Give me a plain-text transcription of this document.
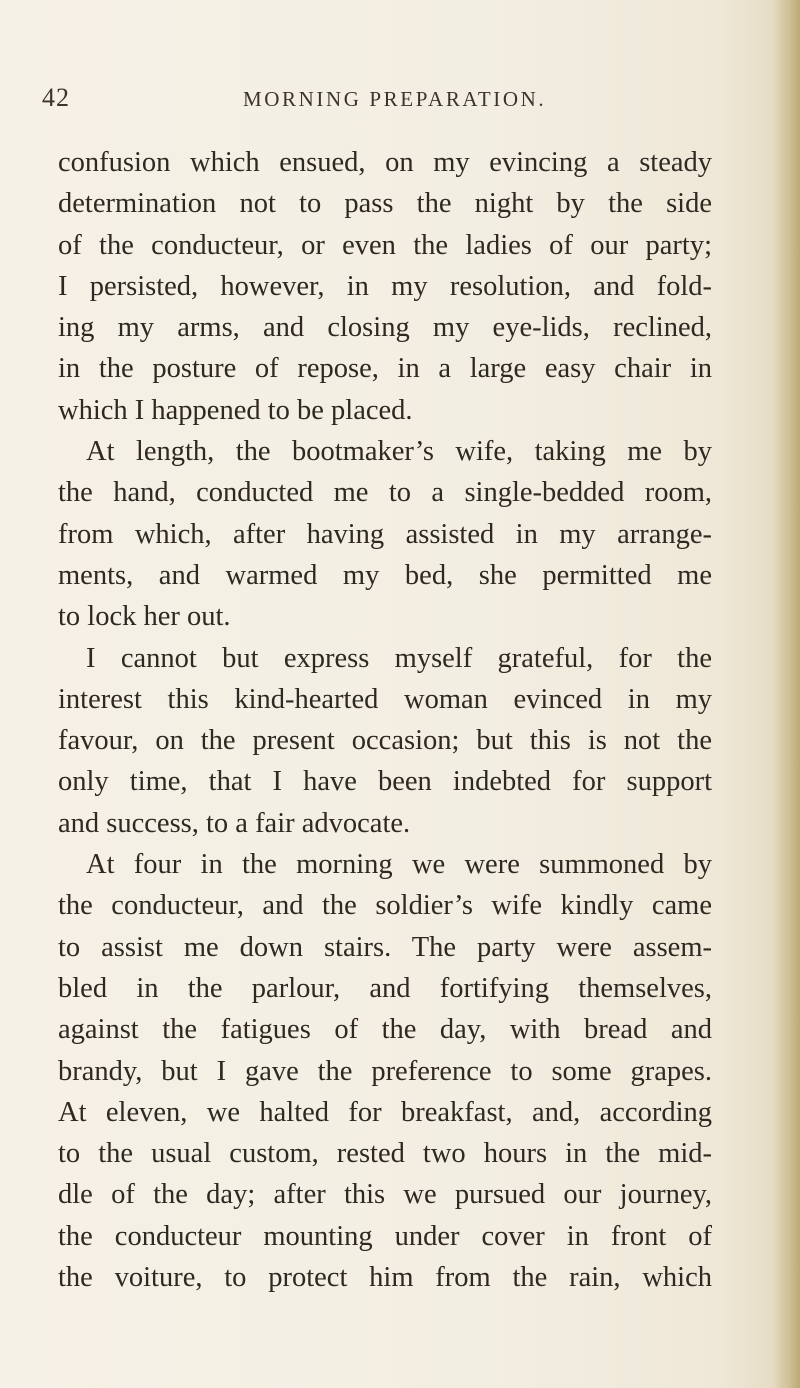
42	MORNING PREPARATION.
confusion which ensued, on my evincing a steady
determination not to pass the night by the side
of the conducteur, or even the ladies of our party;
I persisted, however, in my resolution, and fold-
ing my arms, and closing my eye-lids, reclined,
in the posture of repose, in a large easy chair in
which I happened to be placed.
At length, the bootmaker’s wife, taking me by
the hand, conducted me to a single-bedded room,
from which, after having assisted in my arrange-
ments, and warmed my bed, she permitted me
to lock her out.
I cannot but express myself grateful, for the
interest this kind-hearted woman evinced in my
favour, on the present occasion; but this is not the
only time, that I have been indebted for support
and success, to a fair advocate.
At four in the morning we were summoned by
the conducteur, and the soldier’s wife kindly came
to assist me down stairs. The party were assem-
bled in the parlour, and fortifying themselves,
against the fatigues of the day, with bread and
brandy, but I gave the preference to some grapes.
At eleven, we halted for breakfast, and, according
to the usual custom, rested two hours in the mid-
dle of the day; after this we pursued our journey,
the conducteur mounting under cover in front of
the voiture, to protect him from the rain, which
